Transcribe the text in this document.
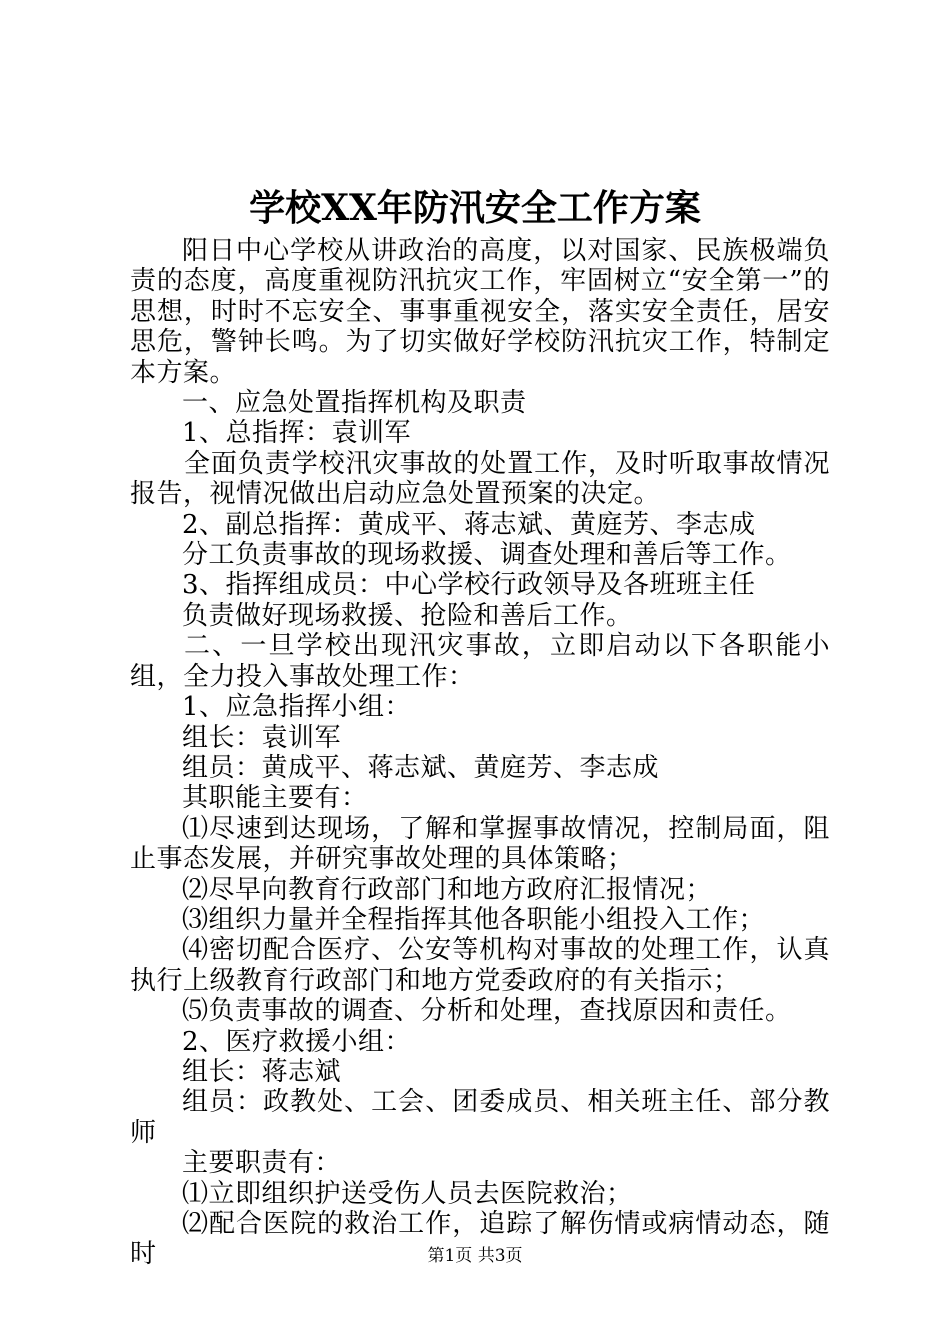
学校XX年防汛安全工作方案

阳日中心学校从讲政治的高度，以对国家、民族极端负责的态度，高度重视防汛抗灾工作，牢固树立“安全第一”的思想，时时不忘安全、事事重视安全，落实安全责任，居安思危，警钟长鸣。为了切实做好学校防汛抗灾工作，特制定本方案。

一、应急处置指挥机构及职责

1、总指挥：袁训军

全面负责学校汛灾事故的处置工作，及时听取事故情况报告，视情况做出启动应急处置预案的决定。

2、副总指挥：黄成平、蒋志斌、黄庭芳、李志成

分工负责事故的现场救援、调查处理和善后等工作。

3、指挥组成员：中心学校行政领导及各班班主任

负责做好现场救援、抢险和善后工作。

二、一旦学校出现汛灾事故，立即启动以下各职能小组，全力投入事故处理工作：

1、应急指挥小组：

组长：袁训军

组员：黄成平、蒋志斌、黄庭芳、李志成

其职能主要有：

⑴尽速到达现场，了解和掌握事故情况，控制局面，阻止事态发展，并研究事故处理的具体策略；

⑵尽早向教育行政部门和地方政府汇报情况；

⑶组织力量并全程指挥其他各职能小组投入工作；

⑷密切配合医疗、公安等机构对事故的处理工作，认真执行上级教育行政部门和地方党委政府的有关指示；

⑸负责事故的调查、分析和处理，查找原因和责任。

2、医疗救援小组：

组长：蒋志斌

组员：政教处、工会、团委成员、相关班主任、部分教师

主要职责有：

⑴立即组织护送受伤人员去医院救治；

⑵配合医院的救治工作，追踪了解伤情或病情动态，随时	第1页 共3页
